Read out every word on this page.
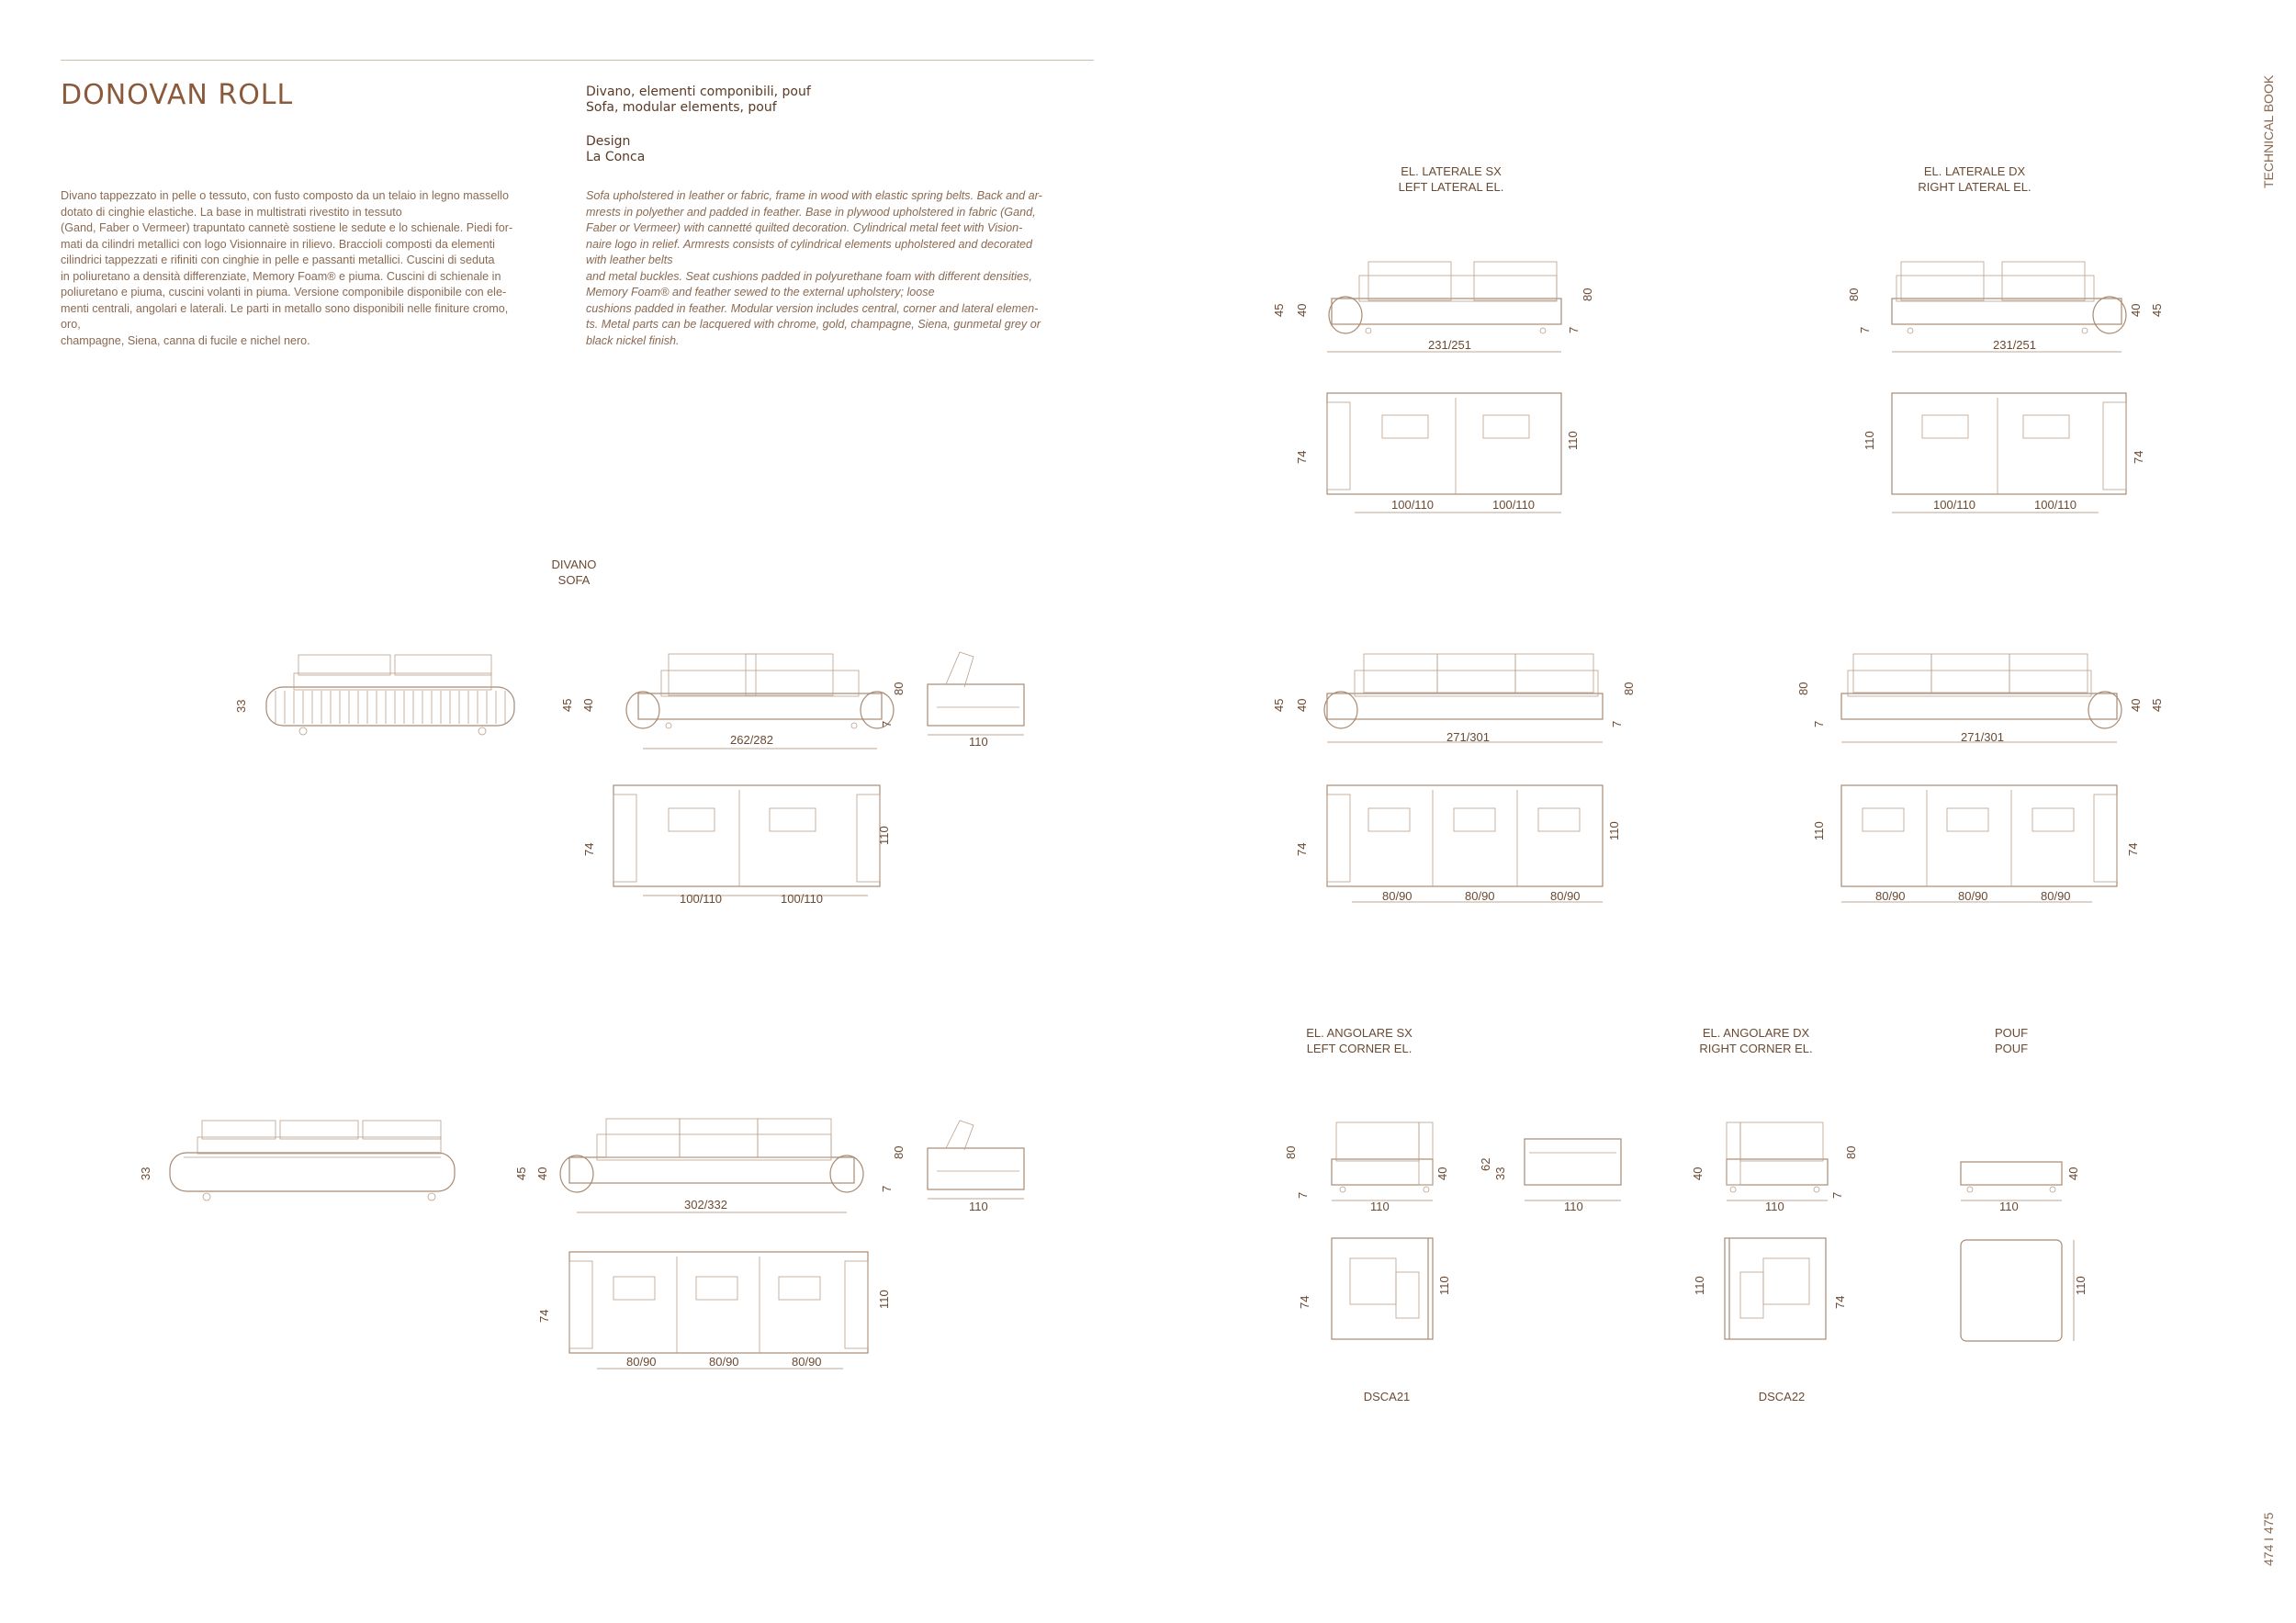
DONOVAN ROLL	Divano, elementi componibili, pouf
Sofa, modular elements, pouf
Design
La Conca
Divano tappezzato in pelle o tessuto, con fusto composto da un telaio in legno massello
dotato di cinghie elastiche. La base in multistrati rivestito in tessuto
(Gand, Faber o Vermeer) trapuntato cannetè sostiene le sedute e lo schienale. Piedi for-
mati da cilindri metallici con logo Visionnaire in rilievo. Braccioli composti da elementi
cilindrici tappezzati e rifiniti con cinghie in pelle e passanti metallici. Cuscini di seduta
in poliuretano a densità differenziate, Memory Foam® e piuma. Cuscini di schienale in
poliuretano e piuma, cuscini volanti in piuma. Versione componibile disponibile con ele-
menti centrali, angolari e laterali. Le parti in metallo sono disponibili nelle finiture cromo,
oro,
champagne, Siena, canna di fucile e nichel nero.
Sofa upholstered in leather or fabric, frame in wood with elastic spring belts. Back and ar-
mrests in polyether and padded in feather. Base in plywood upholstered in fabric (Gand,
Faber or Vermeer) with cannetté quilted decoration. Cylindrical metal feet with Vision-
naire logo in relief. Armrests consists of cylindrical elements upholstered and decorated
with leather belts
and metal buckles. Seat cushions padded in polyurethane foam with different densities,
Memory Foam® and feather sewed to the external upholstery; loose
cushions padded in feather. Modular version includes central, corner and lateral elemen-
ts. Metal parts can be lacquered with chrome, gold, champagne, Siena, gunmetal grey or
black nickel finish.
TECHNICAL BOOK
474 I 475
DIVANO
SOFA
EL. LATERALE SX
LEFT LATERAL EL.
EL. LATERALE DX
RIGHT LATERAL EL.
EL. ANGOLARE SX
LEFT CORNER EL.
EL. ANGOLARE DX
RIGHT CORNER EL.
POUF
POUF
DSCA21	DSCA22
33
262/282
45 40
80
7
110
100/110	100/110
74
110
33
302/332
45 40
80
7
110
80/90	80/90	80/90
74
110
231/251
45 40
80
7
100/110	100/110
74
110
231/251
80
7
40 45
100/110	100/110
110
74
271/301
45 40
80
7
80/90	80/90	80/90
74
110
271/301
80
7
40 45
80/90	80/90	80/90
110
74
110
80
7
40
110
62
33
74
110
110
40
80
7
110
74
110
40
110
